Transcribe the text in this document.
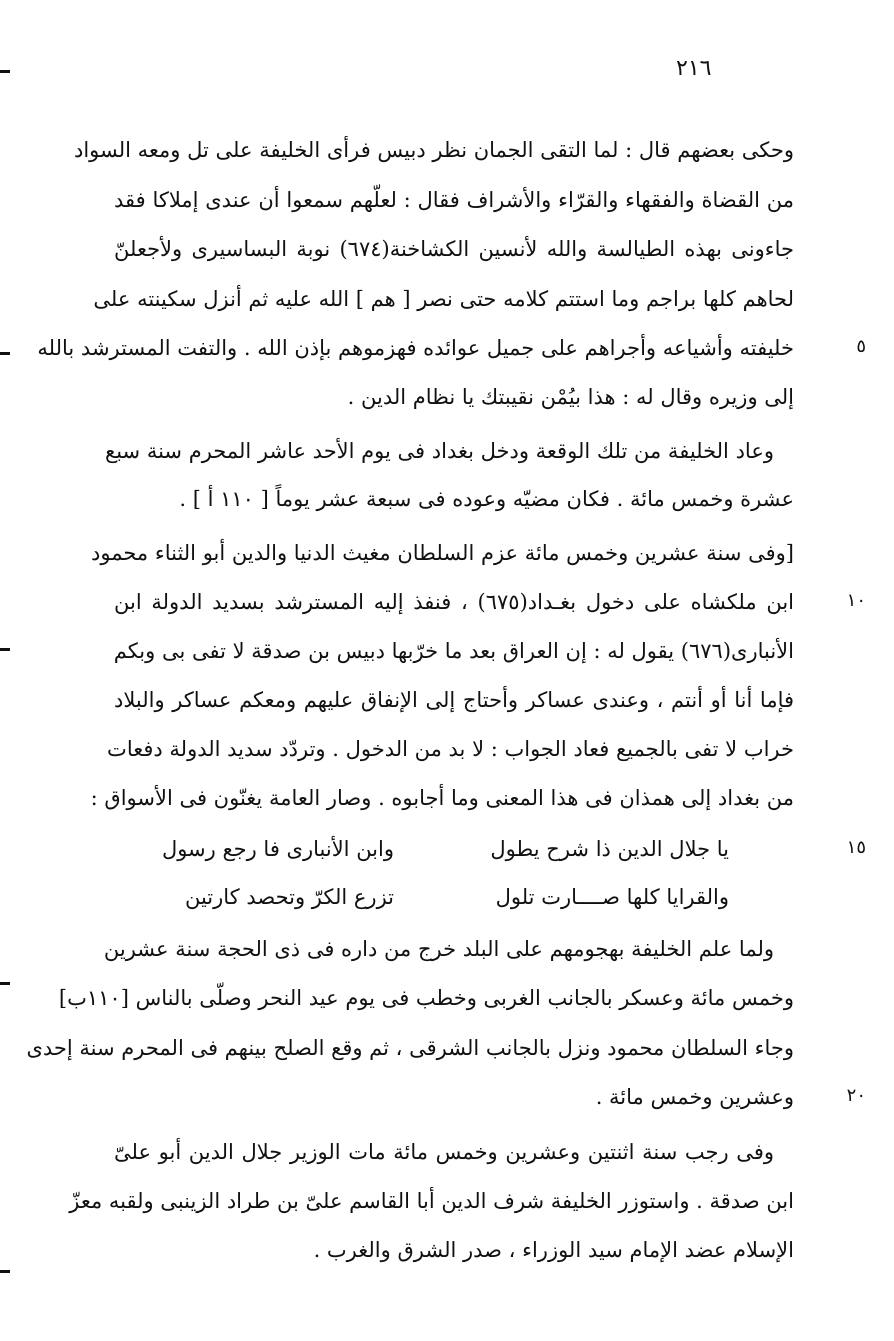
٢١٦
وحكى بعضهم قال : لما التقى الجمان نظر دبيس فرأى الخليفة على تل ومعه السواد
من القضاة والفقهاء والقرّاء والأشراف فقال : لعلّهم سمعوا أن عندى إملاكا فقد
جاءونى بهذه الطيالسة والله لأنسين الكشاخنة(٦٧٤) نوبة البساسيرى ولأجعلنّ
لحاهم كلها براجم وما استتم كلامه حتى نصر [ هم ] الله عليه ثم أنزل سكينته على
خليفته وأشياعه وأجراهم على جميل عوائده فهزموهم بإذن الله . والتفت المسترشد بالله
إلى وزيره وقال له : هذا بيُمْن نقيبتك يا نظام الدين .
وعاد الخليفة من تلك الوقعة ودخل بغداد فى يوم الأحد عاشر المحرم سنة سبع
عشرة وخمس مائة . فكان مضيّه وعوده فى سبعة عشر يوماً [ ١١٠ أ ] .
[وفى سنة عشرين وخمس مائة عزم السلطان مغيث الدنيا والدين أبو الثناء محمود
ابن ملكشاه على دخول بغـداد(٦٧٥) ، فنفذ إليه المسترشد بسديد الدولة ابن
الأنبارى(٦٧٦) يقول له : إن العراق بعد ما خرّبها دبيس بن صدقة لا تفى بى وبكم
فإما أنا أو أنتم ، وعندى عساكر وأحتاج إلى الإنفاق عليهم ومعكم عساكر والبلاد
خراب لا تفى بالجميع فعاد الجواب : لا بد من الدخول . وتردّد سديد الدولة دفعات
من بغداد إلى همذان فى هذا المعنى وما أجابوه . وصار العامة يغنّون فى الأسواق :
يا جلال الدين ذا شرح يطول
وابن الأنبارى فا رجع رسول
والقرايا كلها صــــارت تلول
تزرع الكرّ وتحصد كارتين
ولما علم الخليفة بهجومهم على البلد خرج من داره فى ذى الحجة سنة عشرين
وخمس مائة وعسكر بالجانب الغربى وخطب فى يوم عيد النحر وصلّى بالناس [١١٠ب]
وجاء السلطان محمود ونزل بالجانب الشرقى ، ثم وقع الصلح بينهم فى المحرم سنة إحدى
وعشرين وخمس مائة .
وفى رجب سنة اثنتين وعشرين وخمس مائة مات الوزير جلال الدين أبو علىّ
ابن صدقة . واستوزر الخليفة شرف الدين أبا القاسم علىّ بن طراد الزينبى ولقبه معزّ
الإسلام عضد الإمام سيد الوزراء ، صدر الشرق والغرب .
٥
١٠
١٥
٢٠
